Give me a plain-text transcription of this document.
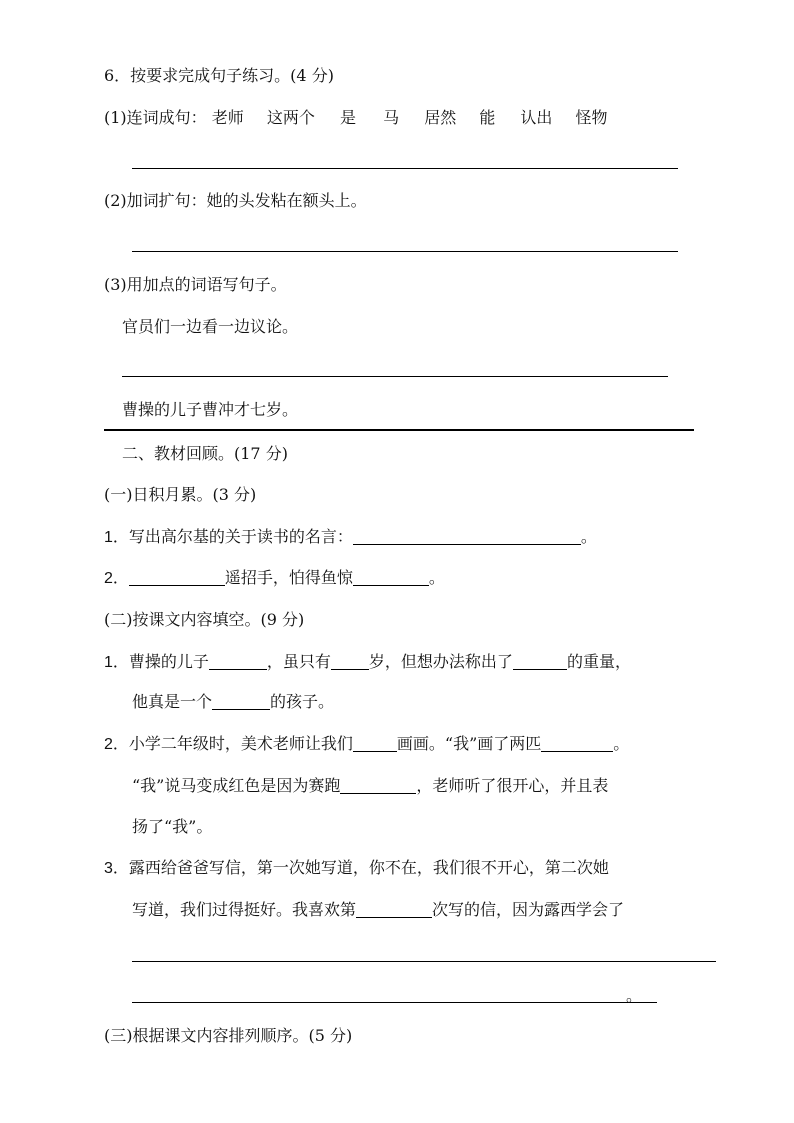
6．按要求完成句子练习。(4 分)
(1)连词成句： 老师 这两个 是 马 居然 能 认出 怪物
(2)加词扩句：她的头发粘在额头上。
(3)用加点的词语写句子。
官员们一边看一边议论。
曹操的儿子曹冲才七岁。
二、教材回顾。(17 分)
(一)日积月累。(3 分)
1．写出高尔基的关于读书的名言：	。
2．	遥招手，怕得鱼惊	。
(二)按课文内容填空。(9 分)
1．曹操的儿子	，虽只有 岁，但想办法称出了	的重量，
他真是一个	的孩子。
2．小学二年级时，美术老师让我们	画画。“我”画了两匹	。
“我”说马变成红色是因为赛跑	，老师听了很开心，并且表
扬了“我”。
3．露西给爸爸写信，第一次她写道，你不在，我们很不开心，第二次她
写道，我们过得挺好。我喜欢第	次写的信，因为露西学会了
。
(三)根据课文内容排列顺序。(5 分)
